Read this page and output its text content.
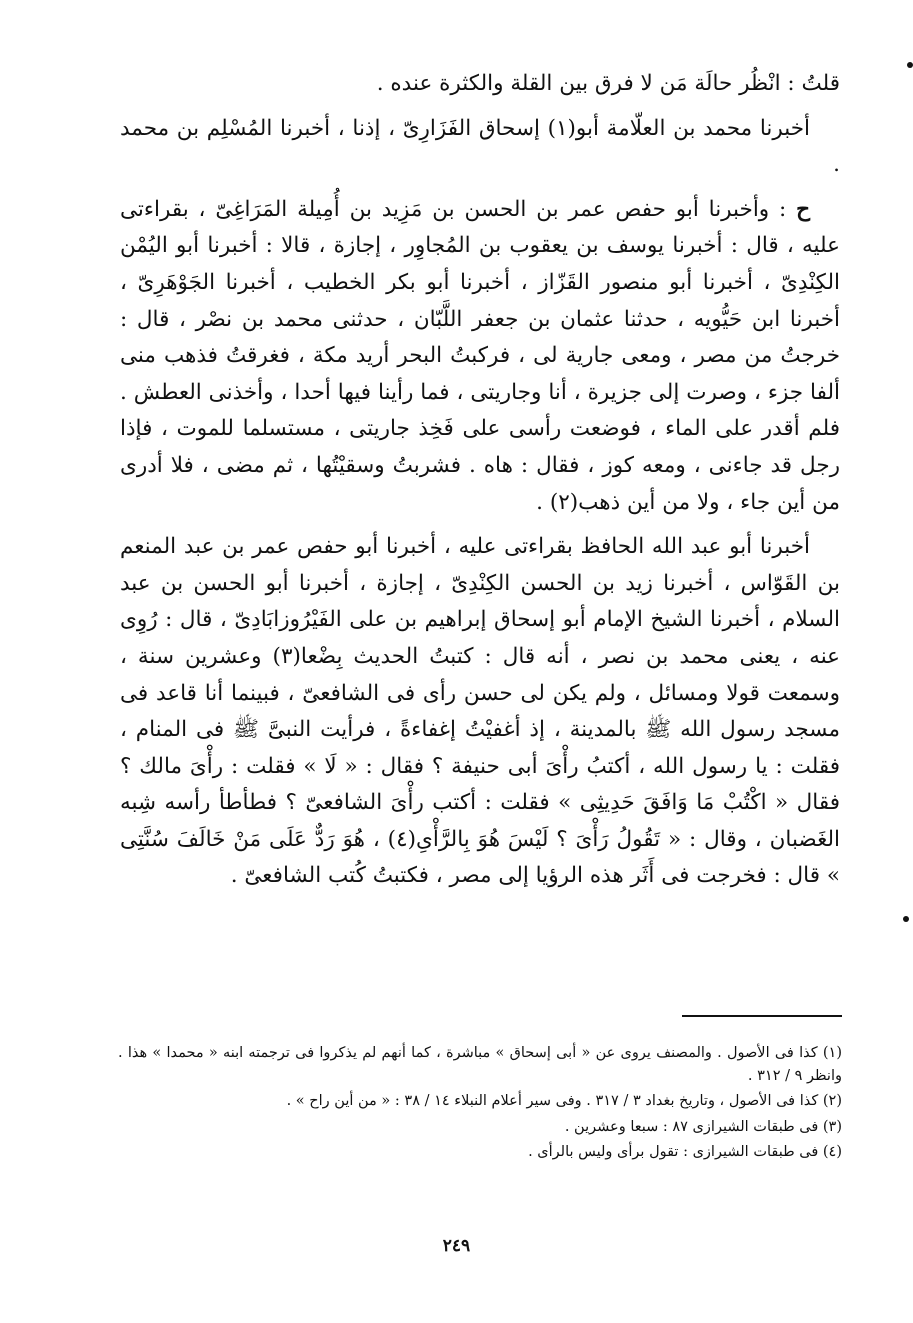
قلتُ : انْظُر حالَة مَن لا فرق بين القلة والكثرة عنده .

أخبرنا محمد بن العلّامة أبو(١) إسحاق الفَزَارِىّ ، إذنا ، أخبرنا المُسْلِم بن محمد .

ح : وأخبرنا أبو حفص عمر بن الحسن بن مَزِيد بن أُمِيلة المَرَاغِىّ ، بقراءتى عليه ، قال : أخبرنا يوسف بن يعقوب بن المُجاوِر ، إجازة ، قالا : أخبرنا أبو اليُمْن الكِنْدِىّ ، أخبرنا أبو منصور القَزّاز ، أخبرنا أبو بكر الخطيب ، أخبرنا الجَوْهَرِىّ ، أخبرنا ابن حَيُّويه ، حدثنا عثمان بن جعفر اللَّبّان ، حدثنى محمد بن نصْر ، قال : خرجتُ من مصر ، ومعى جارية لى ، فركبتُ البحر أريد مكة ، فغرقتُ فذهب منى ألفا جزء ، وصرت إلى جزيرة ، أنا وجاريتى ، فما رأينا فيها أحدا ، وأخذنى العطش . فلم أقدر على الماء ، فوضعت رأسى على فَخِذ جاريتى ، مستسلما للموت ، فإذا رجل قد جاءنى ، ومعه كوز ، فقال : هاه . فشربتُ وسقيْتُها ، ثم مضى ، فلا أدرى من أين جاء ، ولا من أين ذهب(٢) .

أخبرنا أبو عبد الله الحافظ بقراءتى عليه ، أخبرنا أبو حفص عمر بن عبد المنعم بن القَوّاس ، أخبرنا زيد بن الحسن الكِنْدِىّ ، إجازة ، أخبرنا أبو الحسن بن عبد السلام ، أخبرنا الشيخ الإمام أبو إسحاق إبراهيم بن على الفَيْرُوزابَادِىّ ، قال : رُوِى عنه ، يعنى محمد بن نصر ، أنه قال : كتبتُ الحديث بِضْعا(٣) وعشرين سنة ، وسمعت قولا ومسائل ، ولم يكن لى حسن رأى فى الشافعىّ ، فبينما أنا قاعد فى مسجد رسول الله ﷺ بالمدينة ، إذ أغفيْتُ إغفاءةً ، فرأيت النبىَّ ﷺ فى المنام ، فقلت : يا رسول الله ، أكتبُ رأْىَ أبى حنيفة ؟ فقال : « لَا » فقلت : رأْىَ مالك ؟ فقال « اكْتُبْ مَا وَافَقَ حَدِيثِى » فقلت : أكتب رأْىَ الشافعىّ ؟ فطأطأ رأسه شِبه الغَضبان ، وقال : « تَقُولُ رَأْىَ ؟ لَيْسَ هُوَ بِالرَّأْىِ(٤) ، هُوَ رَدٌّ عَلَى مَنْ خَالَفَ سُنَّتِى » قال : فخرجت فى أَثَر هذه الرؤيا إلى مصر ، فكتبتُ كُتب الشافعىّ .

(١) كذا فى الأصول . والمصنف يروى عن « أبى إسحاق » مباشرة ، كما أنهم لم يذكروا فى ترجمته ابنه « محمدا » هذا . وانظر ٩ / ٣١٢ .

(٢) كذا فى الأصول ، وتاريخ بغداد ٣ / ٣١٧ . وفى سير أعلام النبلاء ١٤ / ٣٨ : « من أين راح » .

(٣) فى طبقات الشيرازى ٨٧ : سبعا وعشرين .

(٤) فى طبقات الشيرازى : تقول برأى وليس بالرأى .

٢٤٩
